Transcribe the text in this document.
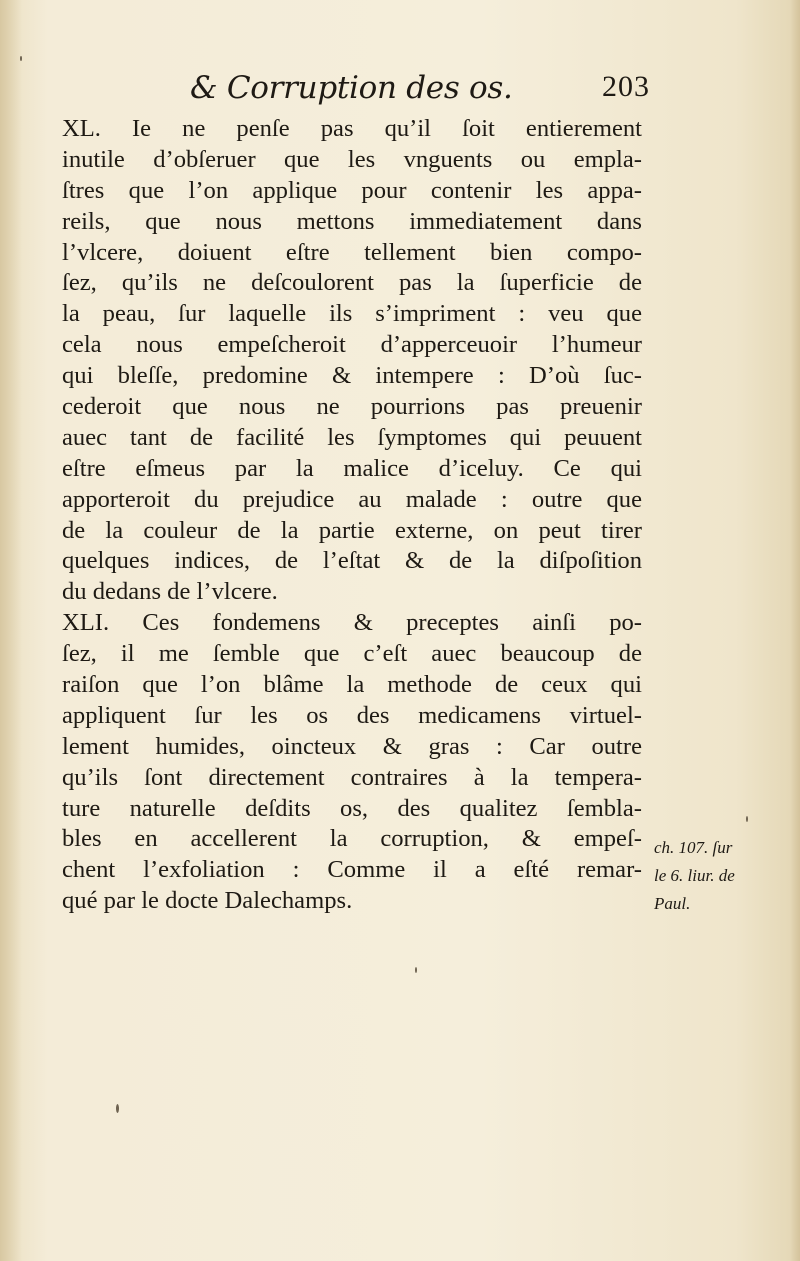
& Corruption des os.	203
XL. Ie ne penſe pas qu’il ſoit entierement
inutile d’obſeruer que les vnguents ou empla-
ſtres que l’on applique pour contenir les appa-
reils, que nous mettons immediatement dans
l’vlcere, doiuent eſtre tellement bien compo-
ſez, qu’ils ne deſcoulorent pas la ſuperficie de
la peau, ſur laquelle ils s’impriment : veu que
cela nous empeſcheroit d’apperceuoir l’humeur
qui bleſſe, predomine & intempere : D’où ſuc-
cederoit que nous ne pourrions pas preuenir
auec tant de facilité les ſymptomes qui peuuent
eſtre eſmeus par la malice d’iceluy. Ce qui
apporteroit du prejudice au malade : outre que
de la couleur de la partie externe, on peut tirer
quelques indices, de l’eſtat & de la diſpoſition
du dedans de l’vlcere.
XLI. Ces fondemens & preceptes ainſi po-
ſez, il me ſemble que c’eſt auec beaucoup de
raiſon que l’on blâme la methode de ceux qui
appliquent ſur les os des medicamens virtuel-
lement humides, oincteux & gras : Car outre
qu’ils ſont directement contraires à la tempera-
ture naturelle deſdits os, des qualitez ſembla-
bles en accellerent la corruption, & empeſ-
chent l’exfoliation : Comme il a eſté remar-
qué par le docte Dalechamps.
ch. 107. ſur
le 6. liur. de
Paul.
